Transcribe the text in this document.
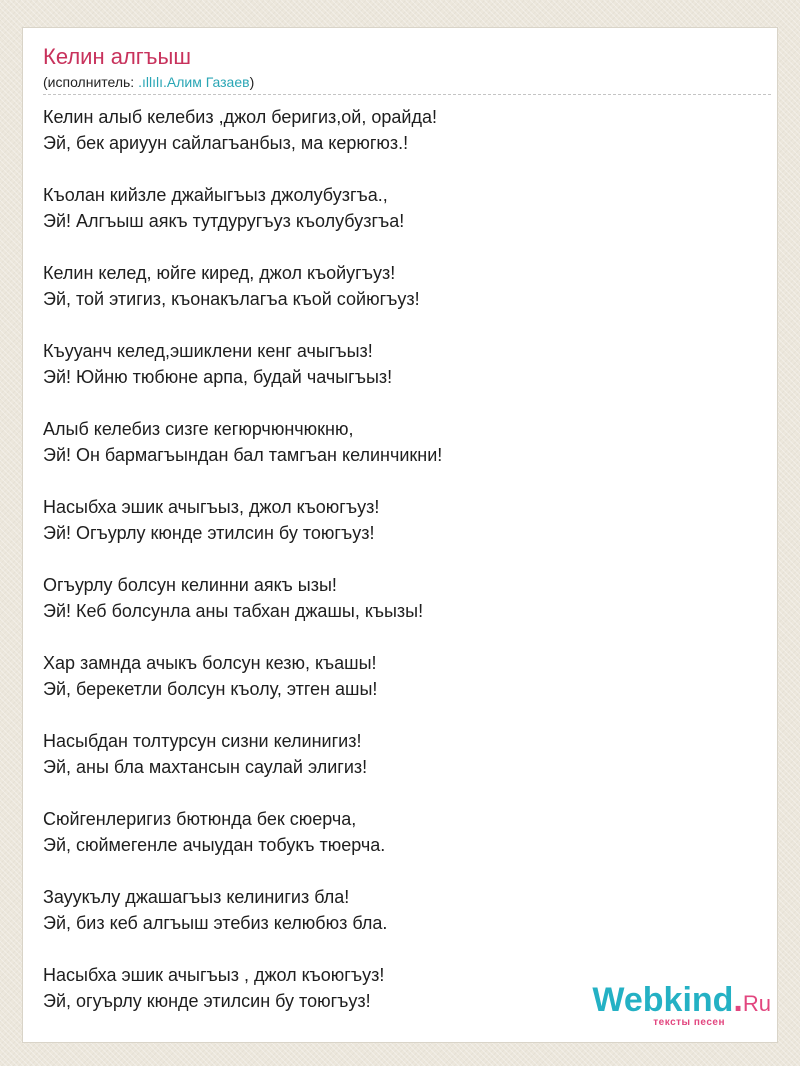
Келин алгъыш
(исполнитель: .ıllılı.Алим Газаев)
Келин алыб келебиз ,джол беригиз,ой, орайда!
Эй, бек ариуун сайлагъанбыз, ма керюгюз.!
Къолан кийзле джайыгъыз джолубузгъа.,
Эй! Алгъыш аякъ тутдуругъуз къолубузгъа!
Келин келед, юйге киред, джол къойугъуз!
Эй, той этигиз, къонакълагъа къой сойюгъуз!
Къууанч келед,эшиклени кенг ачыгъыз!
Эй! Юйню тюбюне арпа, будай чачыгъыз!
Алыб келебиз сизге кегюрчюнчюкню,
Эй! Он бармагъындан бал тамгъан келинчикни!
Насыбха эшик ачыгъыз, джол къоюгъуз!
Эй! Огъурлу кюнде этилсин бу тоюгъуз!
Огъурлу болсун келинни аякъ ызы!
Эй! Кеб болсунла аны табхан джашы, къызы!
Хар замнда ачыкъ болсун кезю, къашы!
Эй, берекетли болсун къолу, этген ашы!
Насыбдан толтурсун сизни келинигиз!
Эй, аны бла махтансын саулай элигиз!
Сюйгенлеригиз бютюнда бек сюерча,
Эй, сюймегенле ачыудан тобукъ тюерча.
Зауукълу джашагъыз келинигиз бла!
Эй, биз кеб алгъыш этебиз келюбюз бла.
Насыбха эшик ачыгъыз , джол къоюгъуз!
Эй, огуърлу кюнде этилсин бу тоюгъуз!	Webkind.Ru
тексты песен
